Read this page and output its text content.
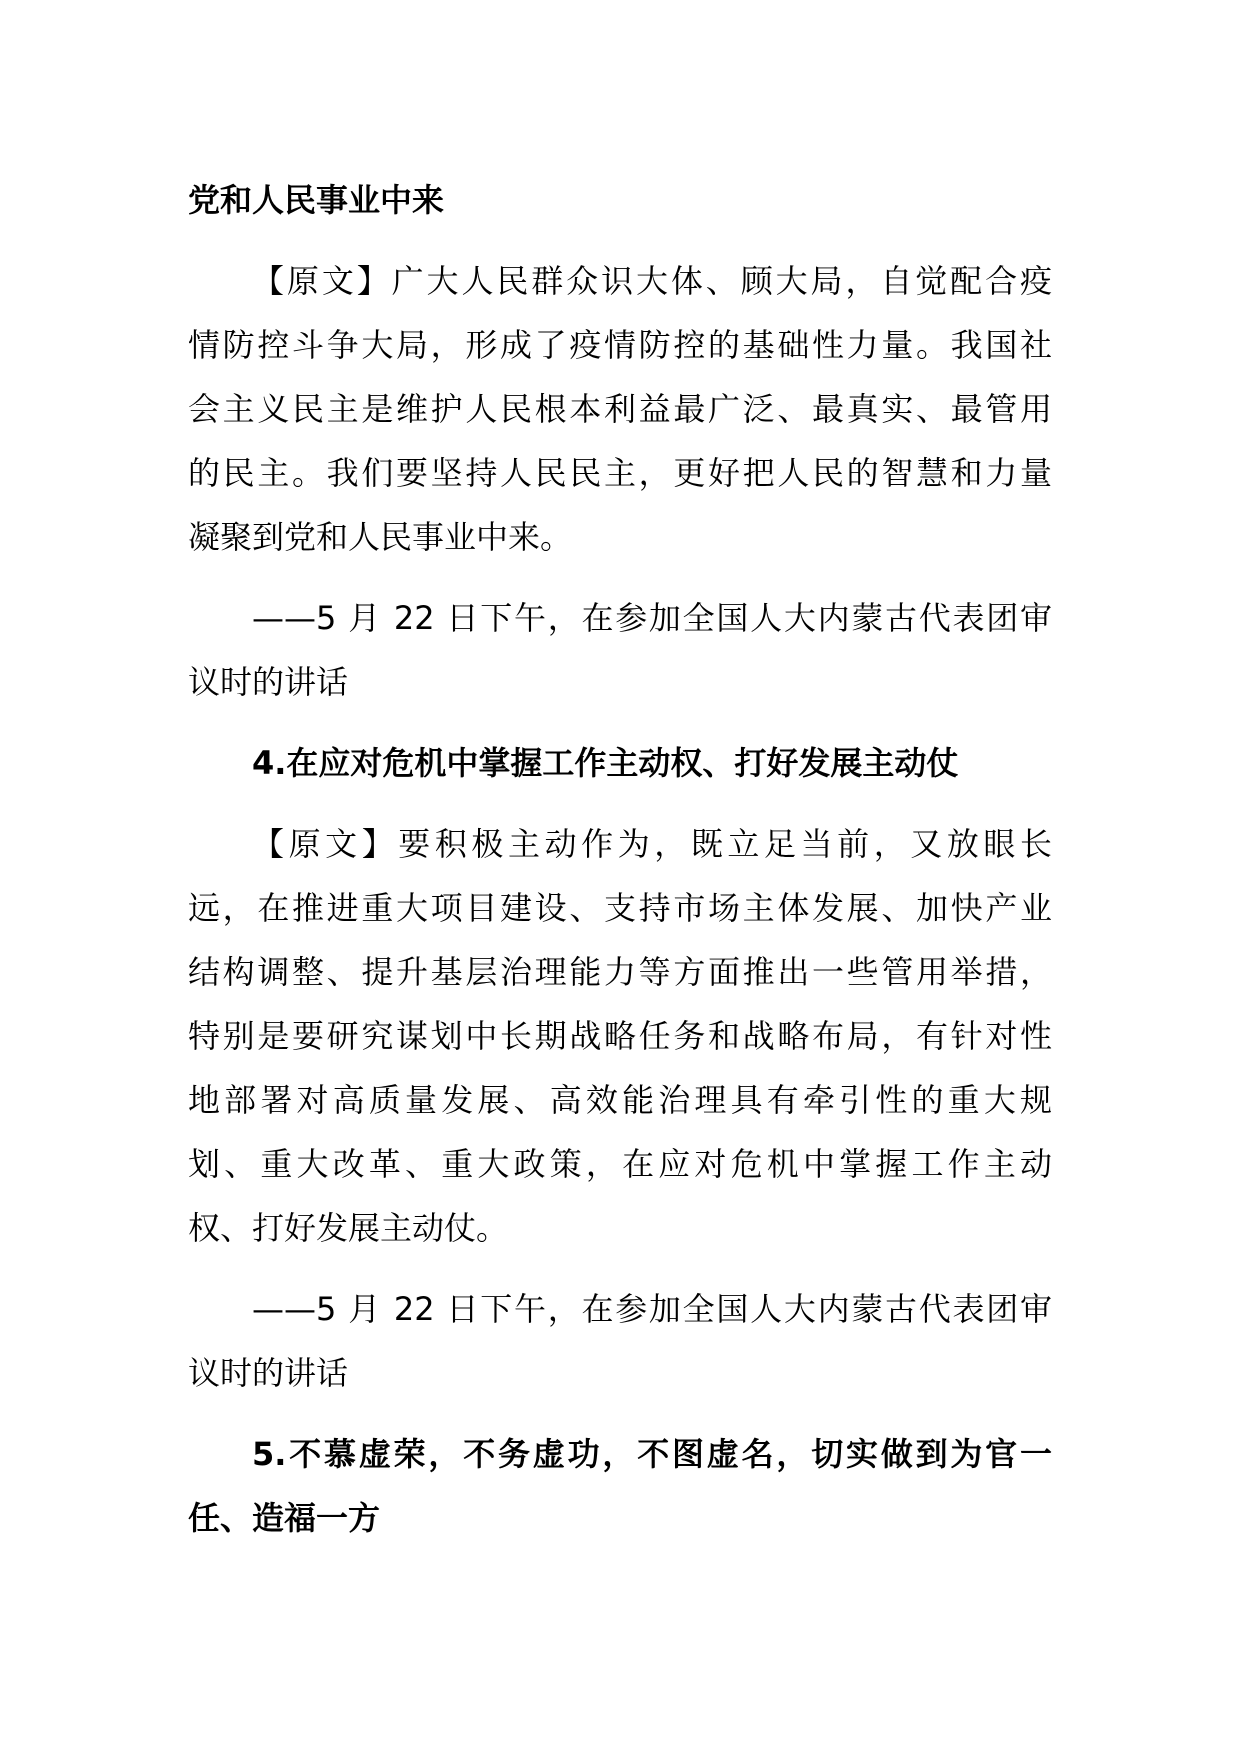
党和人民事业中来
【原文】广大人民群众识大体、顾大局，自觉配合疫
情防控斗争大局，形成了疫情防控的基础性力量。我国社
会主义民主是维护人民根本利益最广泛、最真实、最管用
的民主。我们要坚持人民民主，更好把人民的智慧和力量
凝聚到党和人民事业中来。
——5 月 22 日下午，在参加全国人大内蒙古代表团审
议时的讲话
4.在应对危机中掌握工作主动权、打好发展主动仗
【原文】要积极主动作为，既立足当前，又放眼长
远，在推进重大项目建设、支持市场主体发展、加快产业
结构调整、提升基层治理能力等方面推出一些管用举措，
特别是要研究谋划中长期战略任务和战略布局，有针对性
地部署对高质量发展、高效能治理具有牵引性的重大规
划、重大改革、重大政策，在应对危机中掌握工作主动
权、打好发展主动仗。
——5 月 22 日下午，在参加全国人大内蒙古代表团审
议时的讲话
5.不慕虚荣，不务虚功，不图虚名，切实做到为官一
任、造福一方
